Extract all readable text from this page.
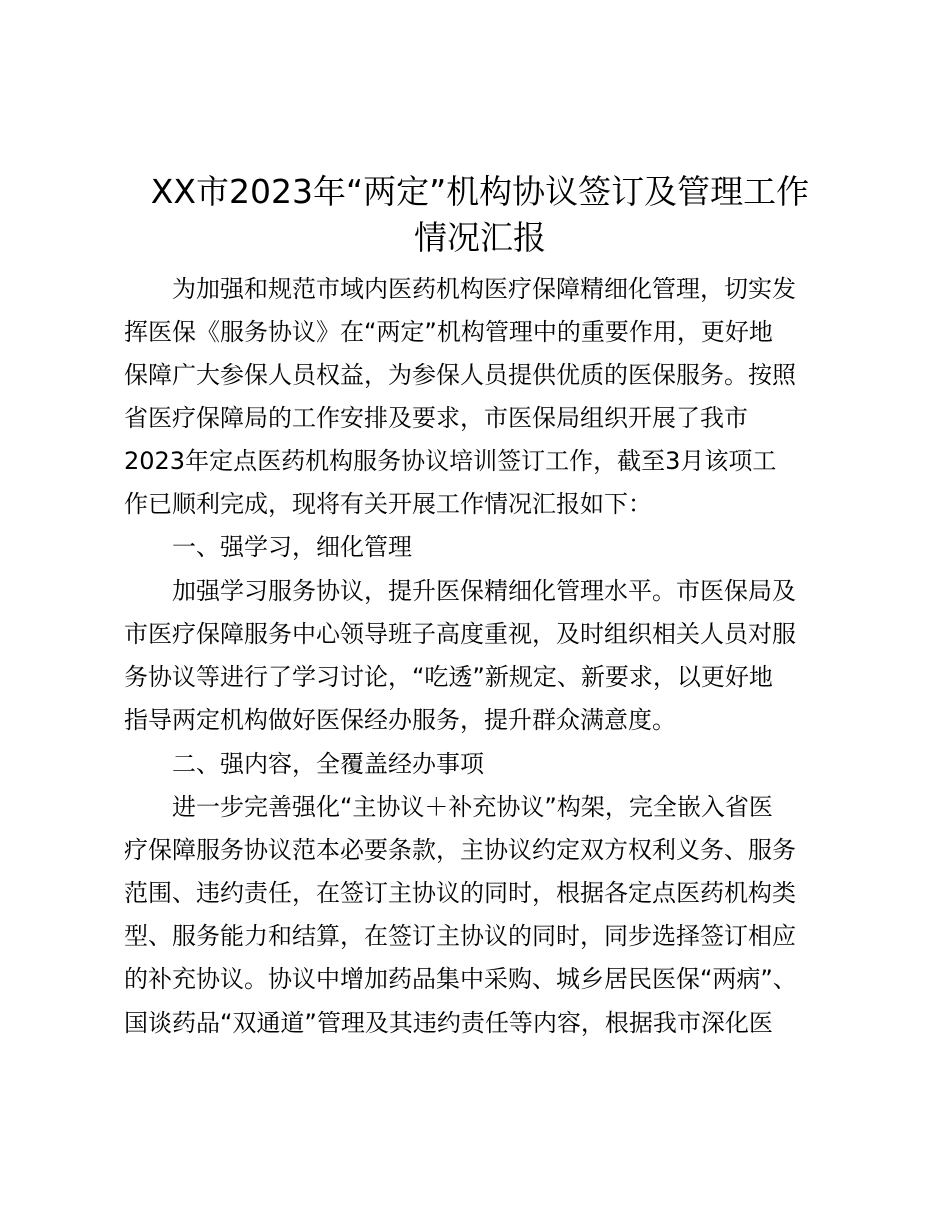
XX市2023年“两定”机构协议签订及管理工作
情况汇报
为加强和规范市域内医药机构医疗保障精细化管理，切实发
挥医保《服务协议》在“两定”机构管理中的重要作用，更好地
保障广大参保人员权益，为参保人员提供优质的医保服务。按照
省医疗保障局的工作安排及要求，市医保局组织开展了我市
2023年定点医药机构服务协议培训签订工作，截至3月该项工
作已顺利完成，现将有关开展工作情况汇报如下：
一、强学习，细化管理
加强学习服务协议，提升医保精细化管理水平。市医保局及
市医疗保障服务中心领导班子高度重视，及时组织相关人员对服
务协议等进行了学习讨论，“吃透”新规定、新要求，以更好地
指导两定机构做好医保经办服务，提升群众满意度。
二、强内容，全覆盖经办事项
进一步完善强化“主协议＋补充协议”构架，完全嵌入省医
疗保障服务协议范本必要条款，主协议约定双方权利义务、服务
范围、违约责任，在签订主协议的同时，根据各定点医药机构类
型、服务能力和结算，在签订主协议的同时，同步选择签订相应
的补充协议。协议中增加药品集中采购、城乡居民医保“两病”、
国谈药品“双通道”管理及其违约责任等内容，根据我市深化医
